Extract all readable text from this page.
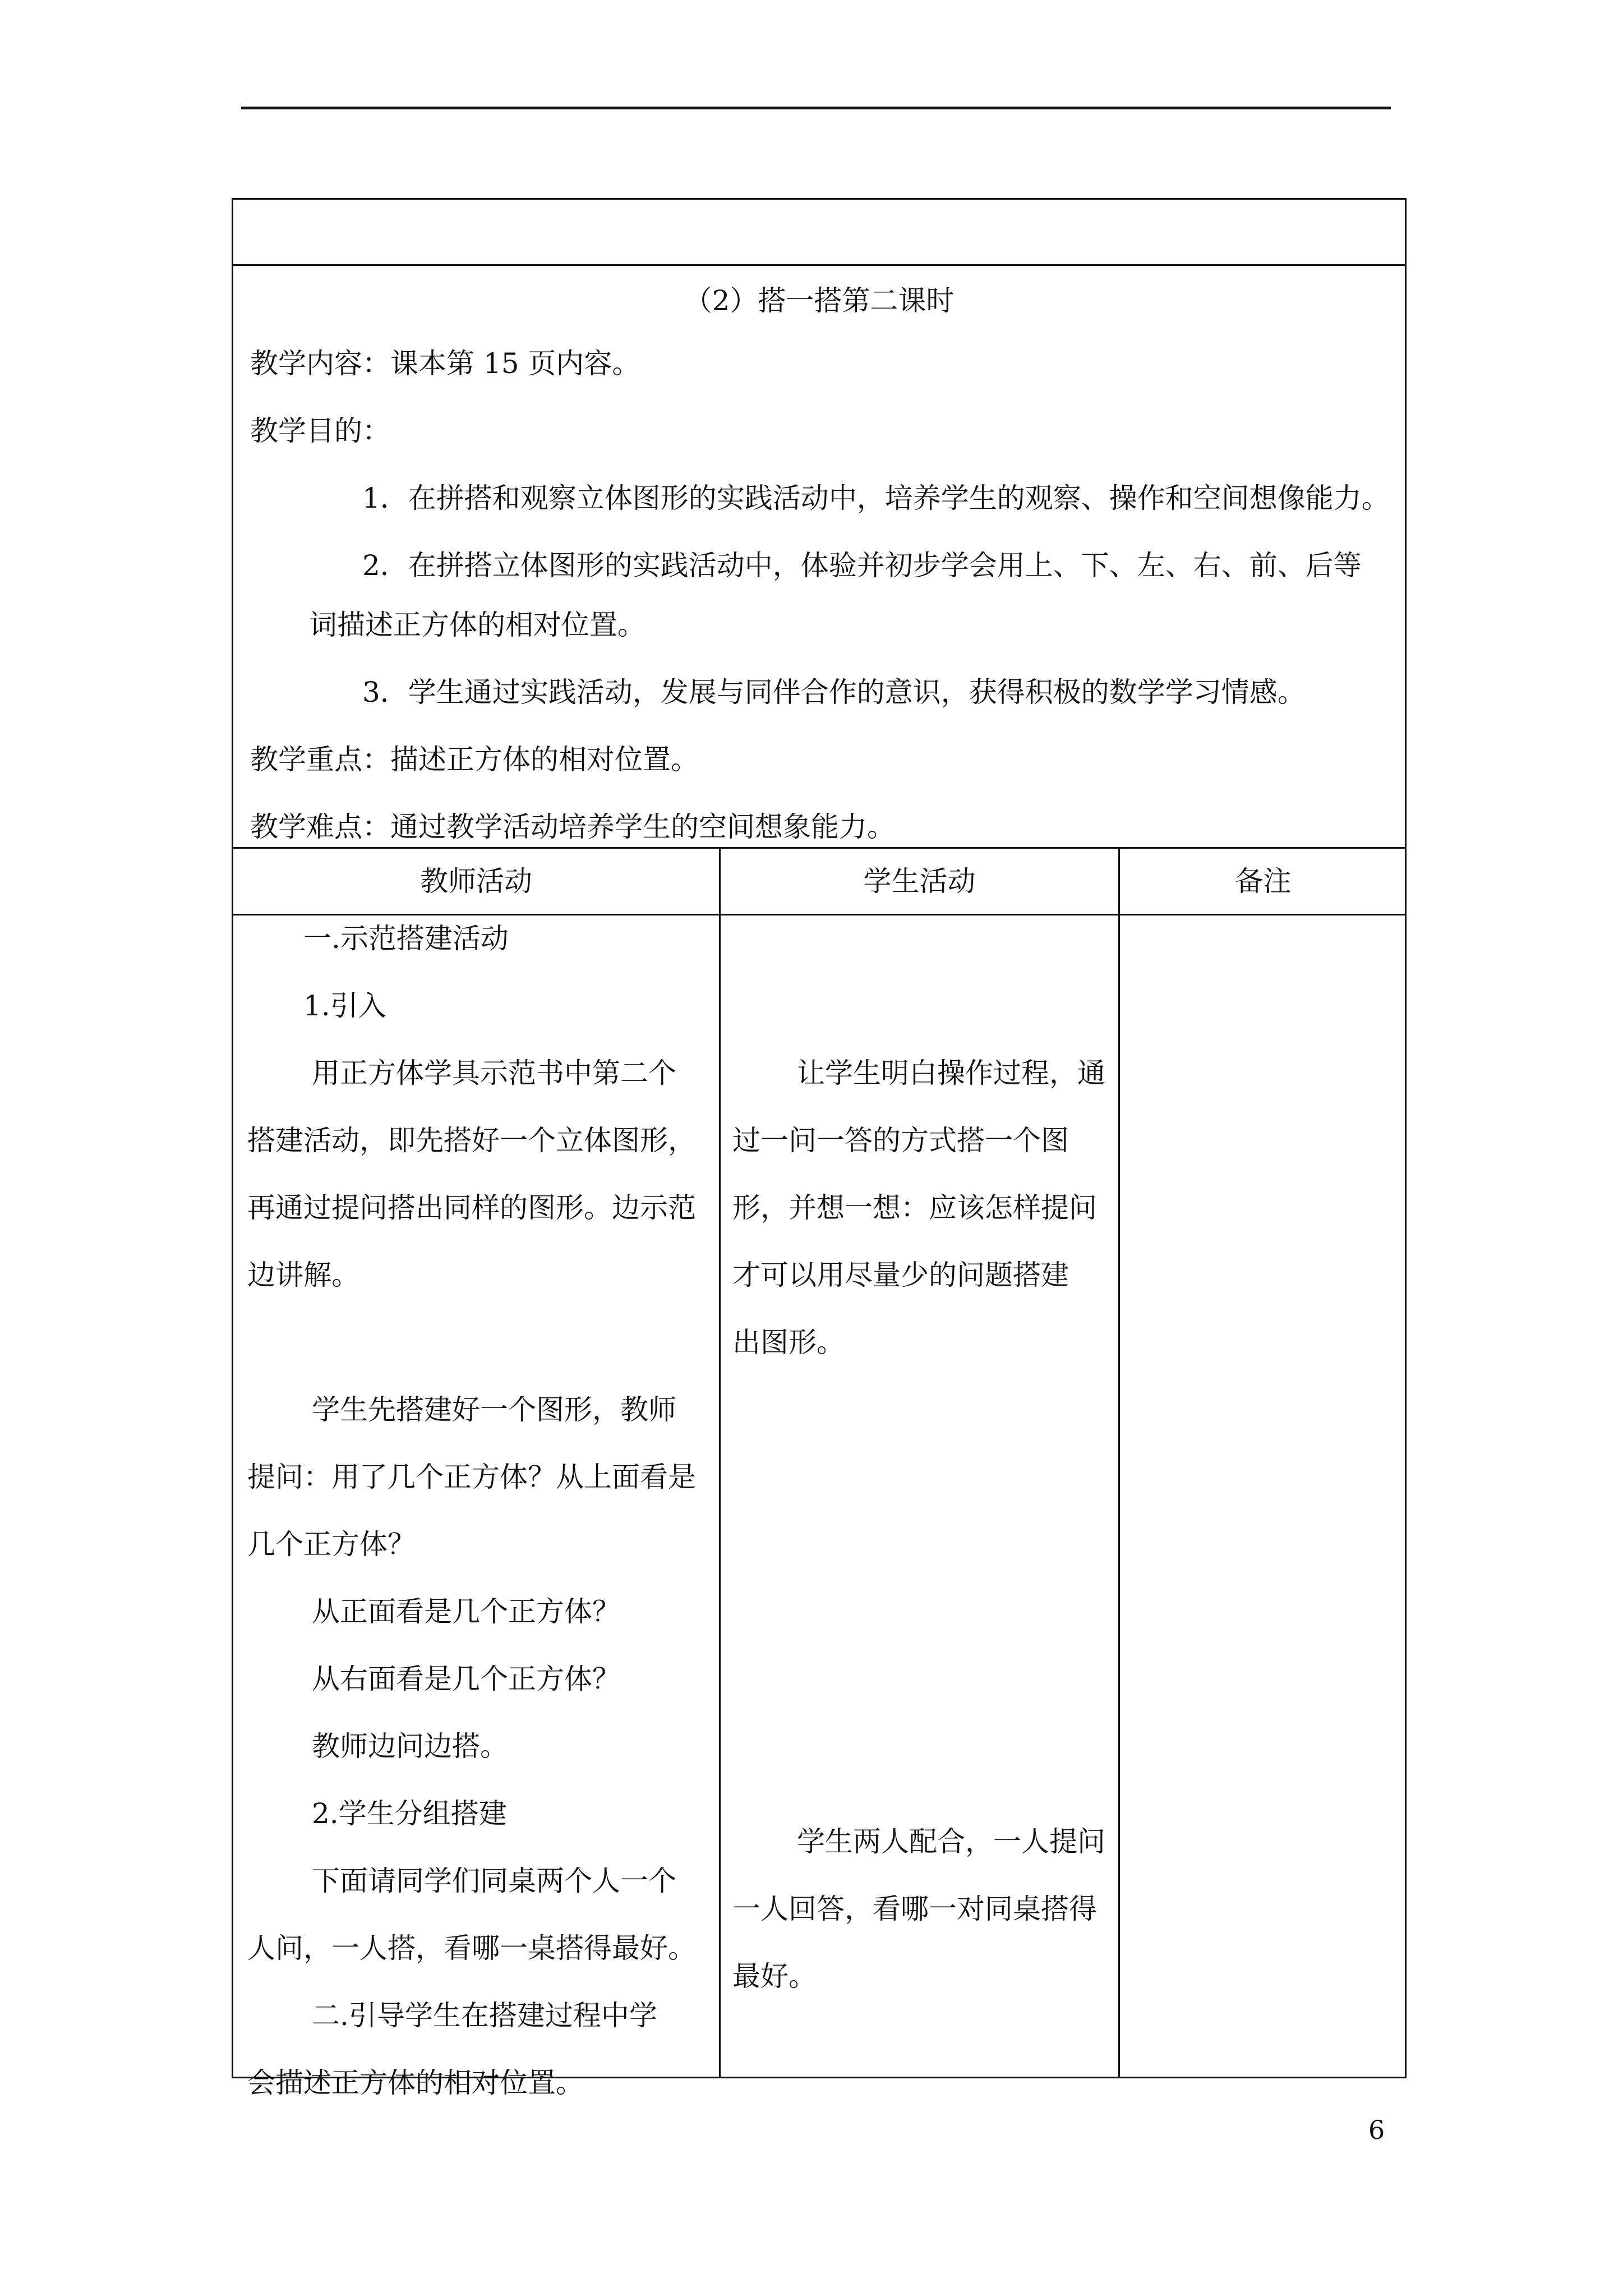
（2）搭一搭第二课时
教学内容：课本第 15 页内容。
教学目的：
1．在拼搭和观察立体图形的实践活动中，培养学生的观察、操作和空间想像能力。
2．在拼搭立体图形的实践活动中，体验并初步学会用上、下、左、右、前、后等
词描述正方体的相对位置。
3．学生通过实践活动，发展与同伴合作的意识，获得积极的数学学习情感。
教学重点：描述正方体的相对位置。
教学难点：通过教学活动培养学生的空间想象能力。
教师活动	学生活动	备注
一.示范搭建活动
1.引入
用正方体学具示范书中第二个
搭建活动，即先搭好一个立体图形，
再通过提问搭出同样的图形。边示范
边讲解。
学生先搭建好一个图形，教师
提问：用了几个正方体？从上面看是
几个正方体？
从正面看是几个正方体？
从右面看是几个正方体？
教师边问边搭。
2.学生分组搭建
下面请同学们同桌两个人一个
人问，一人搭，看哪一桌搭得最好。
二.引导学生在搭建过程中学
会描述正方体的相对位置。
让学生明白操作过程，通
过一问一答的方式搭一个图
形，并想一想：应该怎样提问
才可以用尽量少的问题搭建
出图形。
学生两人配合，一人提问
一人回答，看哪一对同桌搭得
最好。
6
